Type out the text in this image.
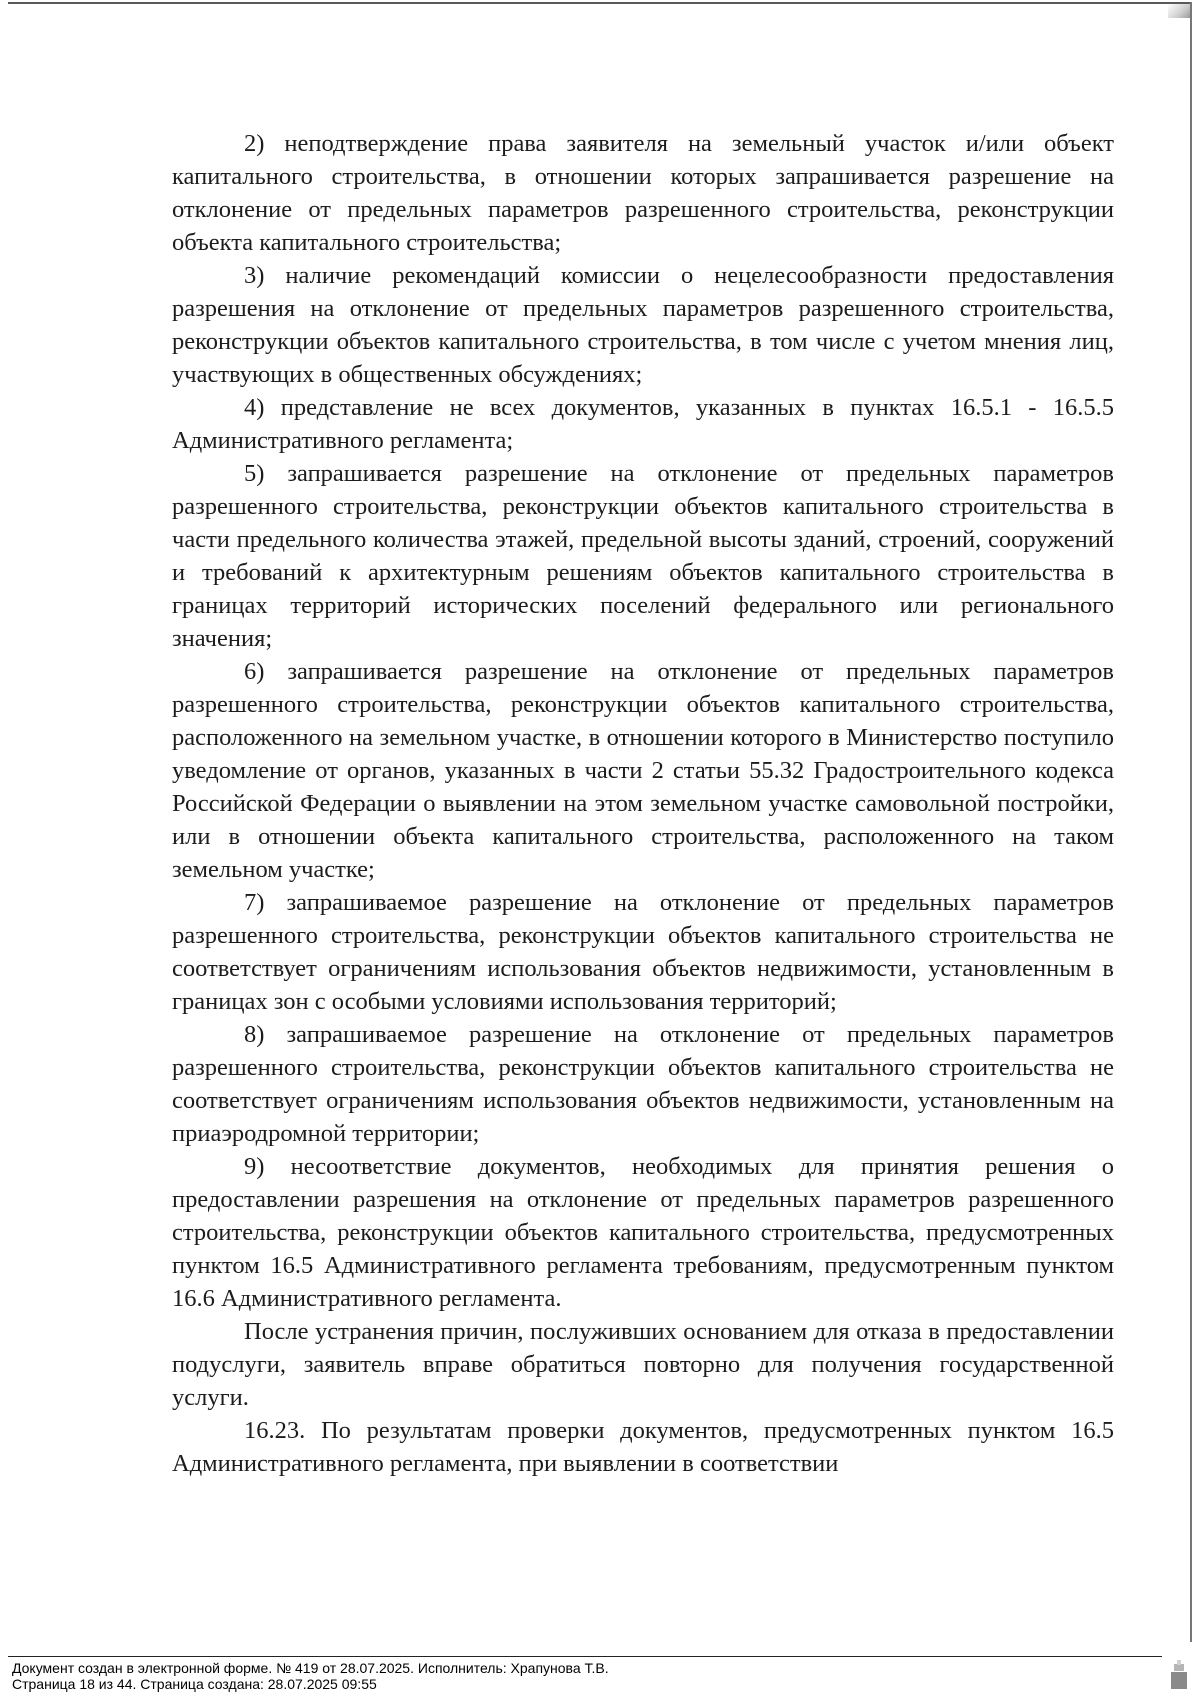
2) неподтверждение права заявителя на земельный участок и/или объект капитального строительства, в отношении которых запрашивается разрешение на отклонение от предельных параметров разрешенного строительства, реконструкции объекта капитального строительства;

3) наличие рекомендаций комиссии о нецелесообразности предоставления разрешения на отклонение от предельных параметров разрешенного строительства, реконструкции объектов капитального строительства, в том числе с учетом мнения лиц, участвующих в общественных обсуждениях;

4) представление не всех документов, указанных в пунктах 16.5.1 - 16.5.5 Административного регламента;

5) запрашивается разрешение на отклонение от предельных параметров разрешенного строительства, реконструкции объектов капитального строительства в части предельного количества этажей, предельной высоты зданий, строений, сооружений и требований к архитектурным решениям объектов капитального строительства в границах территорий исторических поселений федерального или регионального значения;

6) запрашивается разрешение на отклонение от предельных параметров разрешенного строительства, реконструкции объектов капитального строительства, расположенного на земельном участке, в отношении которого в Министерство поступило уведомление от органов, указанных в части 2 статьи 55.32 Градостроительного кодекса Российской Федерации о выявлении на этом земельном участке самовольной постройки, или в отношении объекта капитального строительства, расположенного на таком земельном участке;

7) запрашиваемое разрешение на отклонение от предельных параметров разрешенного строительства, реконструкции объектов капитального строительства не соответствует ограничениям использования объектов недвижимости, установленным в границах зон с особыми условиями использования территорий;

8) запрашиваемое разрешение на отклонение от предельных параметров разрешенного строительства, реконструкции объектов капитального строительства не соответствует ограничениям использования объектов недвижимости, установленным на приаэродромной территории;

9) несоответствие документов, необходимых для принятия решения о предоставлении разрешения на отклонение от предельных параметров разрешенного строительства, реконструкции объектов капитального строительства, предусмотренных пунктом 16.5 Административного регламента требованиям, предусмотренным пунктом 16.6 Административного регламента.

После устранения причин, послуживших основанием для отказа в предоставлении подуслуги, заявитель вправе обратиться повторно для получения государственной услуги.

16.23. По результатам проверки документов, предусмотренных пунктом 16.5 Административного регламента, при выявлении в соответствии

Документ создан в электронной форме. № 419 от 28.07.2025. Исполнитель: Храпунова Т.В.
Страница 18 из 44. Страница создана: 28.07.2025 09:55
